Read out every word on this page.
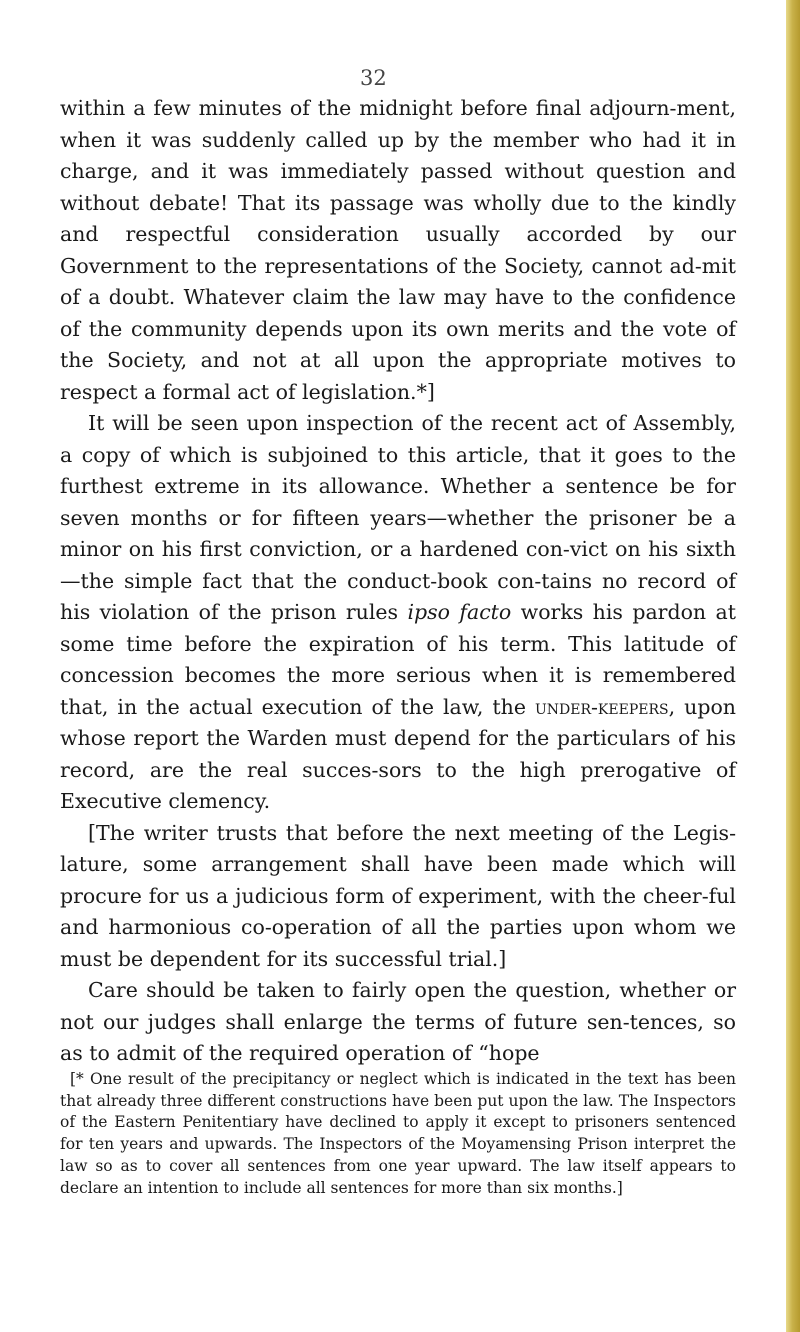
32

within a few minutes of the midnight before final adjourn-ment, when it was suddenly called up by the member who had it in charge, and it was immediately passed without question and without debate! That its passage was wholly due to the kindly and respectful consideration usually accorded by our Government to the representations of the Society, cannot ad-mit of a doubt. Whatever claim the law may have to the confidence of the community depends upon its own merits and the vote of the Society, and not at all upon the appropriate motives to respect a formal act of legislation.*]

It will be seen upon inspection of the recent act of Assembly, a copy of which is subjoined to this article, that it goes to the furthest extreme in its allowance. Whether a sentence be for seven months or for fifteen years—whether the prisoner be a minor on his first conviction, or a hardened con-vict on his sixth—the simple fact that the conduct-book con-tains no record of his violation of the prison rules ipso facto works his pardon at some time before the expiration of his term. This latitude of concession becomes the more serious when it is remembered that, in the actual execution of the law, the under-keepers, upon whose report the Warden must depend for the particulars of his record, are the real succes-sors to the high prerogative of Executive clemency.

[The writer trusts that before the next meeting of the Legis-lature, some arrangement shall have been made which will procure for us a judicious form of experiment, with the cheer-ful and harmonious co-operation of all the parties upon whom we must be dependent for its successful trial.]

Care should be taken to fairly open the question, whether or not our judges shall enlarge the terms of future sen-tences, so as to admit of the required operation of “hope

[* One result of the precipitancy or neglect which is indicated in the text has been that already three different constructions have been put upon the law. The Inspectors of the Eastern Penitentiary have declined to apply it except to prisoners sentenced for ten years and upwards. The Inspectors of the Moyamensing Prison interpret the law so as to cover all sentences from one year upward. The law itself appears to declare an intention to include all sentences for more than six months.]
